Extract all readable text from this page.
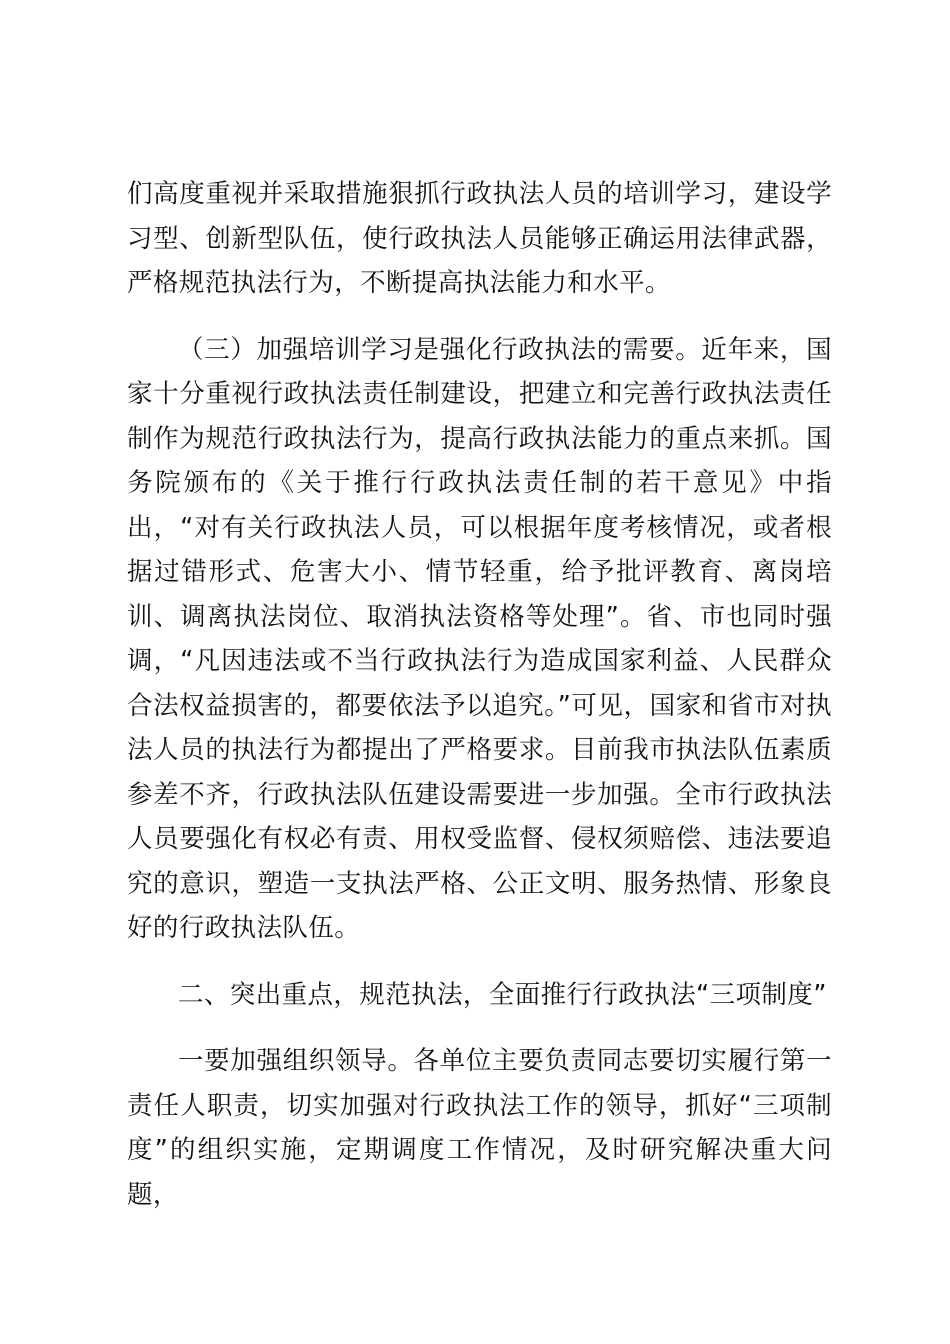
们高度重视并采取措施狠抓行政执法人员的培训学习，建设学习型、创新型队伍，使行政执法人员能够正确运用法律武器，严格规范执法行为，不断提高执法能力和水平。

（三）加强培训学习是强化行政执法的需要。近年来，国家十分重视行政执法责任制建设，把建立和完善行政执法责任制作为规范行政执法行为，提高行政执法能力的重点来抓。国务院颁布的《关于推行行政执法责任制的若干意见》中指出，“对有关行政执法人员，可以根据年度考核情况，或者根据过错形式、危害大小、情节轻重，给予批评教育、离岗培训、调离执法岗位、取消执法资格等处理”。省、市也同时强调，“凡因违法或不当行政执法行为造成国家利益、人民群众合法权益损害的，都要依法予以追究。”可见，国家和省市对执法人员的执法行为都提出了严格要求。目前我市执法队伍素质参差不齐，行政执法队伍建设需要进一步加强。全市行政执法人员要强化有权必有责、用权受监督、侵权须赔偿、违法要追究的意识，塑造一支执法严格、公正文明、服务热情、形象良好的行政执法队伍。

二、突出重点，规范执法，全面推行行政执法“三项制度”

一要加强组织领导。各单位主要负责同志要切实履行第一责任人职责，切实加强对行政执法工作的领导，抓好“三项制度”的组织实施，定期调度工作情况，及时研究解决重大问题，
